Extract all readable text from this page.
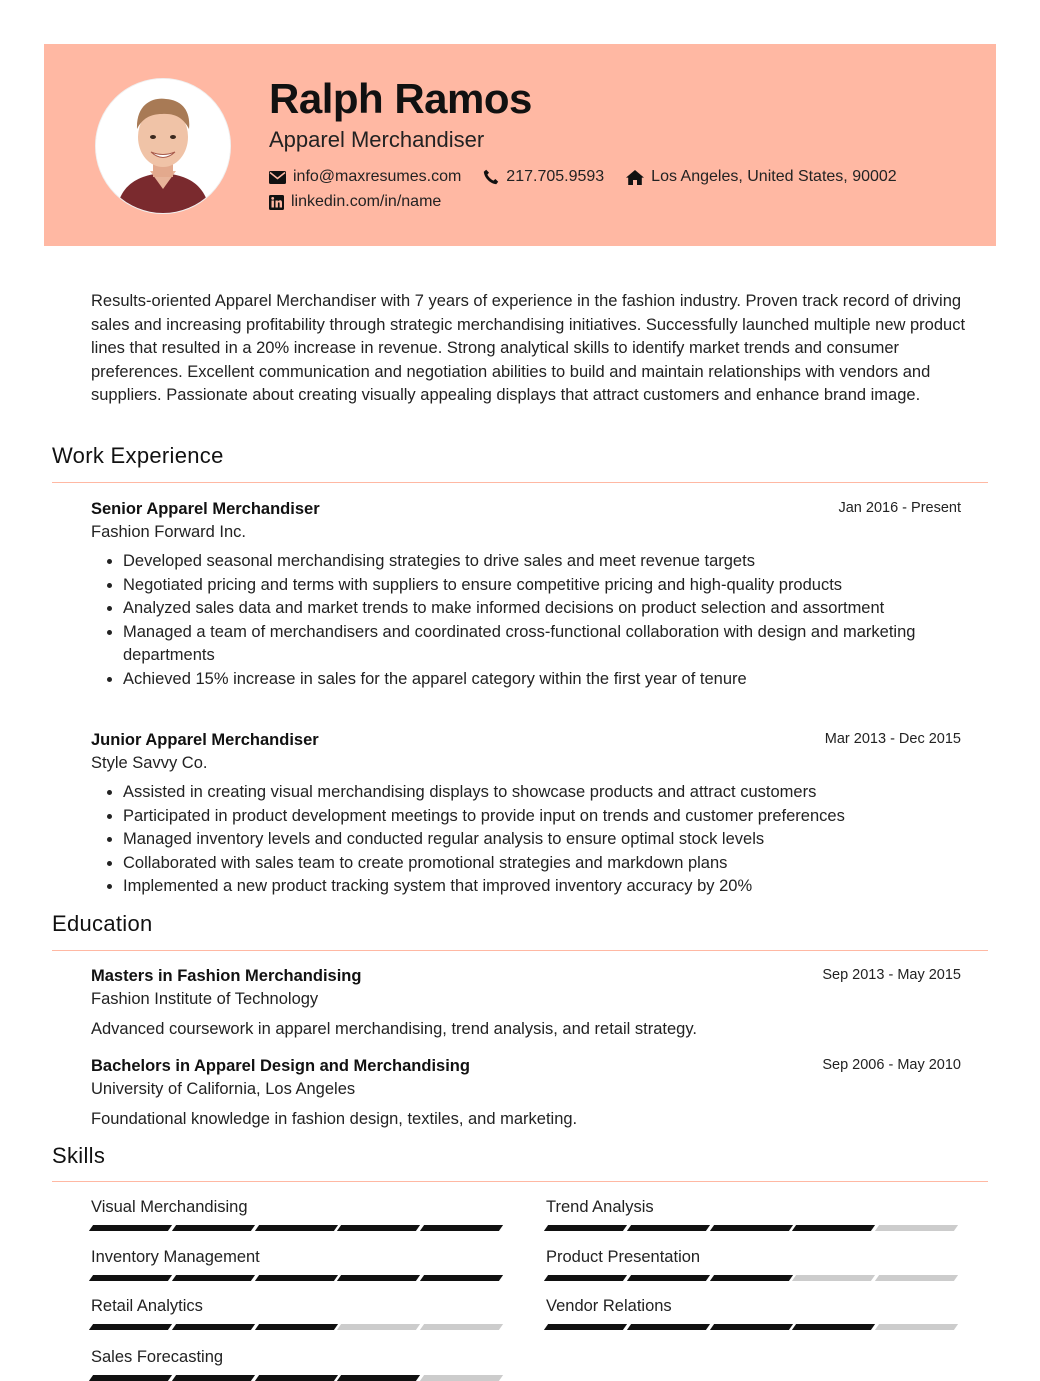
Ralph Ramos
Apparel Merchandiser
info@maxresumes.com	217.705.9593	Los Angeles, United States, 90002
linkedin.com/in/name
Results-oriented Apparel Merchandiser with 7 years of experience in the fashion industry. Proven track record of driving sales and increasing profitability through strategic merchandising initiatives. Successfully launched multiple new product lines that resulted in a 20% increase in revenue. Strong analytical skills to identify market trends and consumer preferences. Excellent communication and negotiation abilities to build and maintain relationships with vendors and suppliers. Passionate about creating visually appealing displays that attract customers and enhance brand image.
Work Experience
Senior Apparel Merchandiser	Jan 2016 - Present
Fashion Forward Inc.
• Developed seasonal merchandising strategies to drive sales and meet revenue targets
• Negotiated pricing and terms with suppliers to ensure competitive pricing and high-quality products
• Analyzed sales data and market trends to make informed decisions on product selection and assortment
• Managed a team of merchandisers and coordinated cross-functional collaboration with design and marketing departments
• Achieved 15% increase in sales for the apparel category within the first year of tenure
Junior Apparel Merchandiser	Mar 2013 - Dec 2015
Style Savvy Co.
• Assisted in creating visual merchandising displays to showcase products and attract customers
• Participated in product development meetings to provide input on trends and customer preferences
• Managed inventory levels and conducted regular analysis to ensure optimal stock levels
• Collaborated with sales team to create promotional strategies and markdown plans
• Implemented a new product tracking system that improved inventory accuracy by 20%
Education
Masters in Fashion Merchandising	Sep 2013 - May 2015
Fashion Institute of Technology

Advanced coursework in apparel merchandising, trend analysis, and retail strategy.

Bachelors in Apparel Design and Merchandising	Sep 2006 - May 2010
University of California, Los Angeles

Foundational knowledge in fashion design, textiles, and marketing.

Skills
Visual Merchandising	Trend Analysis
Inventory Management	Product Presentation
Retail Analytics	Vendor Relations
Sales Forecasting
